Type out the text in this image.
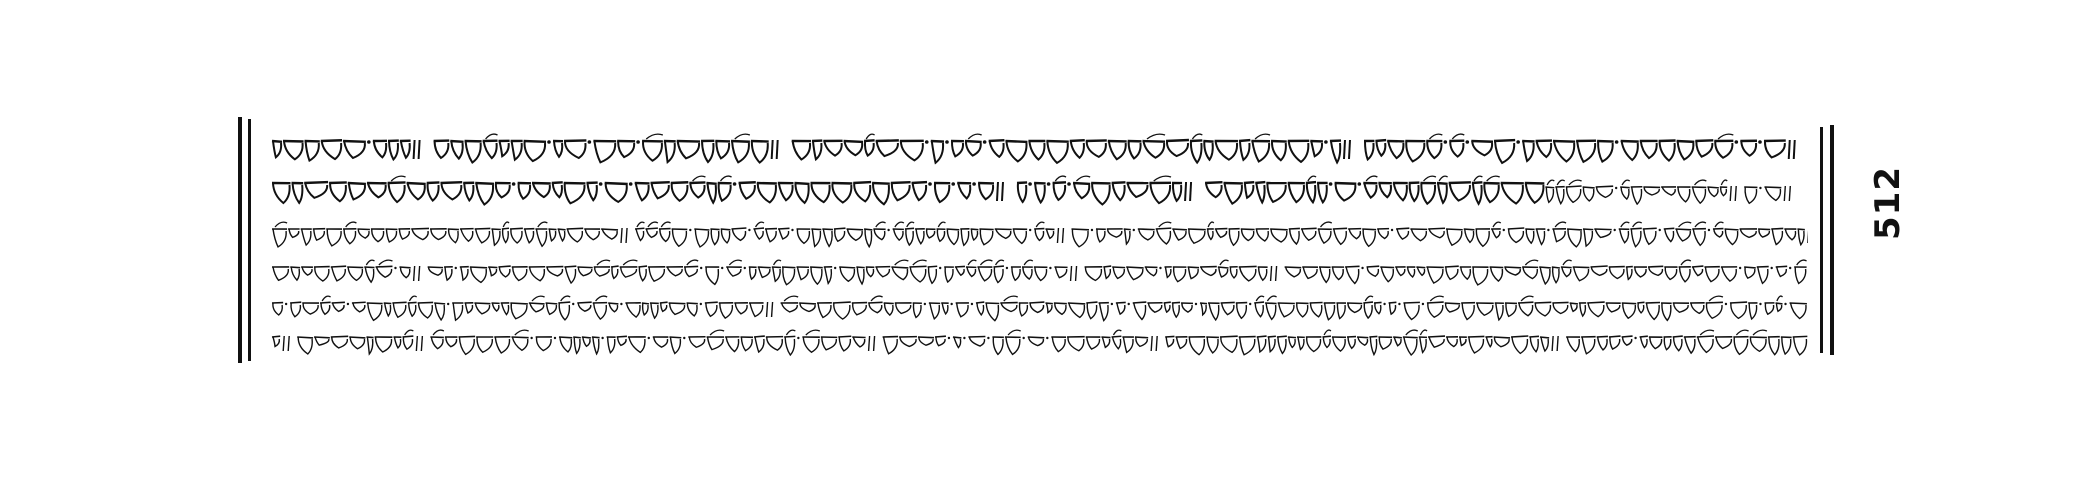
512
